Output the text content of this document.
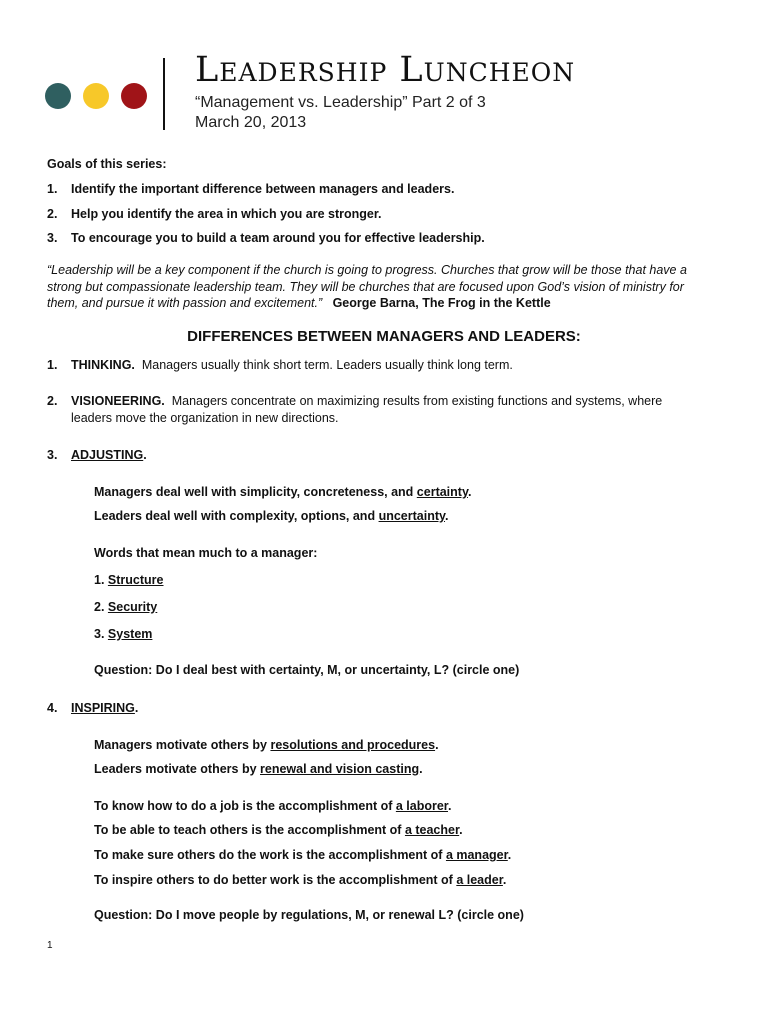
Leadership Luncheon
“Management vs. Leadership” Part 2 of 3
March 20, 2013
Goals of this series:
1. Identify the important difference between managers and leaders.
2. Help you identify the area in which you are stronger.
3. To encourage you to build a team around you for effective leadership.
“Leadership will be a key component if the church is going to progress. Churches that grow will be those that have a strong but compassionate leadership team. They will be churches that are focused upon God’s vision of ministry for them, and pursue it with passion and excitement.” George Barna, The Frog in the Kettle
DIFFERENCES BETWEEN MANAGERS AND LEADERS:
1. THINKING. Managers usually think short term. Leaders usually think long term.
2. VISIONEERING. Managers concentrate on maximizing results from existing functions and systems, where
leaders move the organization in new directions.
3. ADJUSTING.
Managers deal well with simplicity, concreteness, and certainty.
Leaders deal well with complexity, options, and uncertainty.
Words that mean much to a manager:
1. Structure
2. Security
3. System
Question: Do I deal best with certainty, M, or uncertainty, L? (circle one)
4. INSPIRING.
Managers motivate others by resolutions and procedures.
Leaders motivate others by renewal and vision casting.
To know how to do a job is the accomplishment of a laborer.
To be able to teach others is the accomplishment of a teacher.
To make sure others do the work is the accomplishment of a manager.
To inspire others to do better work is the accomplishment of a leader.
Question: Do I move people by regulations, M, or renewal L? (circle one)
1
